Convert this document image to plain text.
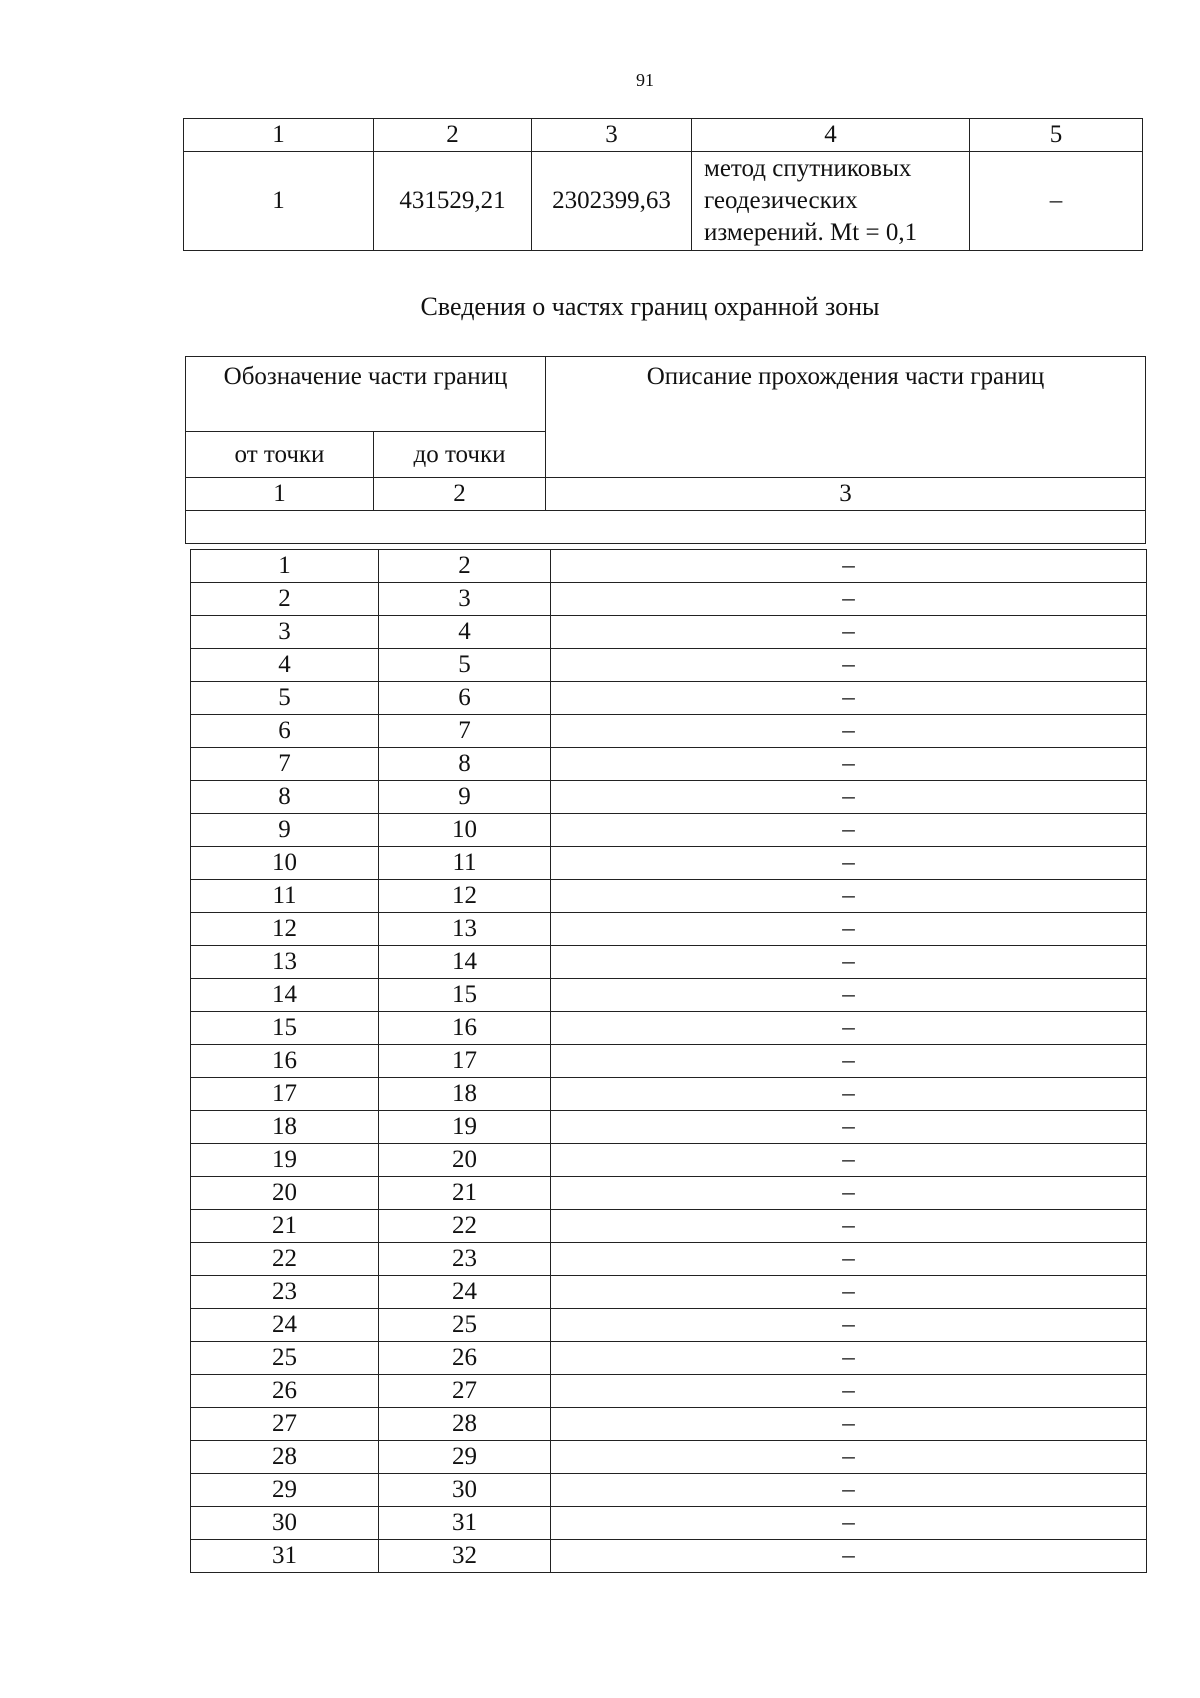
91
1	2	3	4	5
1	431529,21	2302399,63	метод спутниковых
геодезических
измерений. Mt = 0,1	–
Сведения о частях границ охранной зоны
Обозначение части границ		Описание прохождения части границ
от точки	до точки	
1	2	3

1	2	–
2	3	–
3	4	–
4	5	–
5	6	–
6	7	–
7	8	–
8	9	–
9	10	–
10	11	–
11	12	–
12	13	–
13	14	–
14	15	–
15	16	–
16	17	–
17	18	–
18	19	–
19	20	–
20	21	–
21	22	–
22	23	–
23	24	–
24	25	–
25	26	–
26	27	–
27	28	–
28	29	–
29	30	–
30	31	–
31	32	–
